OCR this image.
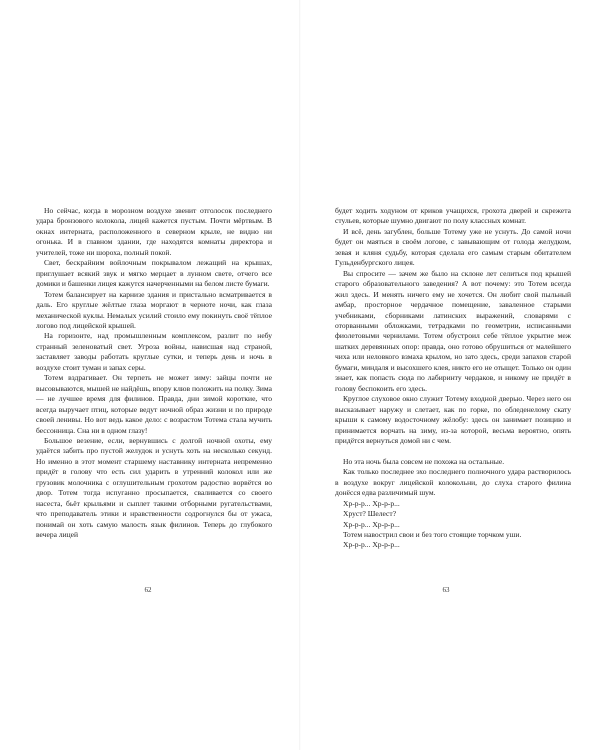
Но сейчас, когда в морозном воздухе звенит отголосок последнего удара бронзового колокола, лицей кажется пустым. Почти мёртвым. В окнах интерната, расположенного в северном крыле, не видно ни огонька. И в главном здании, где находятся комнаты директора и учителей, тоже ни шороха, полный покой.

Свет, бескрайним войлочным покрывалом лежащий на крышах, приглушает всякий звук и мягко мерцает в лунном свете, отчего все домики и башенки лицея кажутся начерченными на белом листе бумаги.

Тотем балансирует на карнизе здания и пристально всматривается в даль. Его круглые жёлтые глаза моргают в черноте ночи, как глаза механической куклы. Немалых усилий стоило ему покинуть своё тёплое логово под лицейской крышей.

На горизонте, над промышленным комплексом, разлит по небу странный зеленоватый свет. Угроза войны, нависшая над страной, заставляет заводы работать круглые сутки, и теперь день и ночь в воздухе стоит туман и запах серы.

Тотем вздрагивает. Он терпеть не может зиму: зайцы почти не высовываются, мышей не найдёшь, впору клюв положить на полку. Зима — не лучшее время для филинов. Правда, дни зимой короткие, что всегда выручает птиц, которые ведут ночной образ жизни и по природе своей ленивы. Но вот ведь какое дело: с возрастом Тотема стала мучить бессонница. Сна ни в одном глазу!

Большое везение, если, вернувшись с долгой ночной охоты, ему удаётся забить про пустой желудок и уснуть хоть на несколько секунд. Но именно в этот момент старшему наставнику интерната непременно придёт в голову что есть сил ударить в утренний колокол или же грузовик молочника с оглушительным грохотом радостно ворвётся во двор. Тотем тогда испуганно просыпается, сваливается со своего насеста, бьёт крыльями и сыплет такими отборными ругательствами, что преподаватель этики и нравственности содрогнулся бы от ужаса, понимай он хоть самую малость язык филинов. Теперь до глубокого вечера лицей

62

будет ходить ходуном от криков учащихся, грохота дверей и скрежета стульев, которые шумно двигают по полу классных комнат.

И всё, день загублен, больше Тотему уже не уснуть. До самой ночи будет он маяться в своём логове, с завывающим от голода желудком, зевая и кляня судьбу, которая сделала его самым старым обитателем Гульденбургского лицея.

Вы спросите — зачем же было на склоне лет селиться под крышей старого образовательного заведения? А вот почему: это Тотем всегда жил здесь. И менять ничего ему не хочется. Он любит свой пыльный амбар, просторное чердачное помещение, заваленное старыми учебниками, сборниками латинских выражений, словарями с оторванными обложками, тетрадками по геометрии, исписанными фиолетовыми чернилами. Тотем обустроил себе тёплое укрытие меж шатких деревянных опор: правда, оно готово обрушиться от малейшего чиха или неловкого взмаха крылом, но зато здесь, среди запахов старой бумаги, миндаля и высохшего клея, никто его не отыщет. Только он один знает, как попасть сюда по лабиринту чердаков, и никому не придёт в голову беспокоить его здесь.

Круглое слуховое окно служит Тотему входной дверью. Через него он высказывает наружу и слетает, как по горке, по обледенелому скату крыши к самому водосточному жёлобу: здесь он занимает позицию и принимается ворчать на зиму, из-за которой, весьма вероятно, опять придётся вернуться домой ни с чем.

Но эта ночь была совсем не похожа на остальные.

Как только последнее эхо последнего полночного удара растворилось в воздухе вокруг лицейской колокольни, до слуха старого филина донёсся едва различимый шум.

Хр-р-р... Хр-р-р...

Хруст? Шелест?

Хр-р-р... Хр-р-р...

Тотем навострил свои и без того стоящие торчком уши.

Хр-р-р... Хр-р-р...

63
